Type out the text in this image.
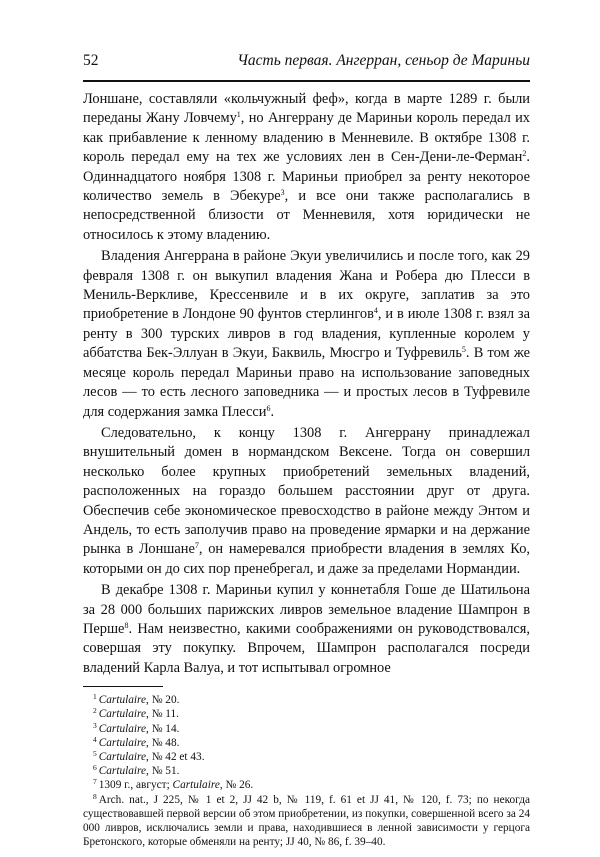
52	Часть первая. Ангерран, сеньор де Мариньи

Лоншане, составляли «кольчужный феф», когда в марте 1289 г. были переданы Жану Ловчему$^1$, но Ангеррану де Мариньи король передал их как прибавление к ленному владению в Менневиле. В октябре 1308 г. король передал ему на тех же условиях лен в Сен-Дени-ле-Ферман$^2$. Одиннадцатого ноября 1308 г. Мариньи приобрел за ренту некоторое количество земель в Эбекуре$^3$, и все они также располагались в непосредственной близости от Менневиля, хотя юридически не относилось к этому владению.

Владения Ангеррана в районе Экуи увеличились и после того, как 29 февраля 1308 г. он выкупил владения Жана и Робера дю Плесси в Мениль-Веркливе, Крессенвиле и в их округе, заплатив за это приобретение в Лондоне 90 фунтов стерлингов$^4$, и в июле 1308 г. взял за ренту в 300 турских ливров в год владения, купленные королем у аббатства Бек-Эллуан в Экуи, Баквиль, Мюсгро и Туфревиль$^5$. В том же месяце король передал Мариньи право на использование заповедных лесов — то есть лесного заповедника — и простых лесов в Туфревиле для содержания замка Плесси$^6$.

Следовательно, к концу 1308 г. Ангеррану принадлежал внушительный домен в нормандском Вексене. Тогда он совершил несколько более крупных приобретений земельных владений, расположенных на гораздо большем расстоянии друг от друга. Обеспечив себе экономическое превосходство в районе между Энтом и Андель, то есть заполучив право на проведение ярмарки и на держание рынка в Лоншане$^7$, он намеревался приобрести владения в землях Ко, которыми он до сих пор пренебрегал, и даже за пределами Нормандии.

В декабре 1308 г. Мариньи купил у коннетабля Гоше де Шатильона за 28 000 больших парижских ливров земельное владение Шампрон в Перше$^8$. Нам неизвестно, какими соображениями он руководствовался, совершая эту покупку. Впрочем, Шампрон располагался посреди владений Карла Валуа, и тот испытывал огромное

$^1$ Cartulaire, № 20.
$^2$ Cartulaire, № 11.
$^3$ Cartulaire, № 14.
$^4$ Cartulaire, № 48.
$^5$ Cartulaire, № 42 et 43.
$^6$ Cartulaire, № 51.
$^7$ 1309 г., август; Cartulaire, № 26.
$^8$ Arch. nat., J 225, № 1 et 2, JJ 42 b, № 119, f. 61 et JJ 41, № 120, f. 73; по некогда существовавшей первой версии об этом приобретении, из покупки, совершенной всего за 24 000 ливров, исключались земли и права, находившиеся в ленной зависимости у герцога Бретонского, которые обменяли на ренту; JJ 40, № 86, f. 39–40.
